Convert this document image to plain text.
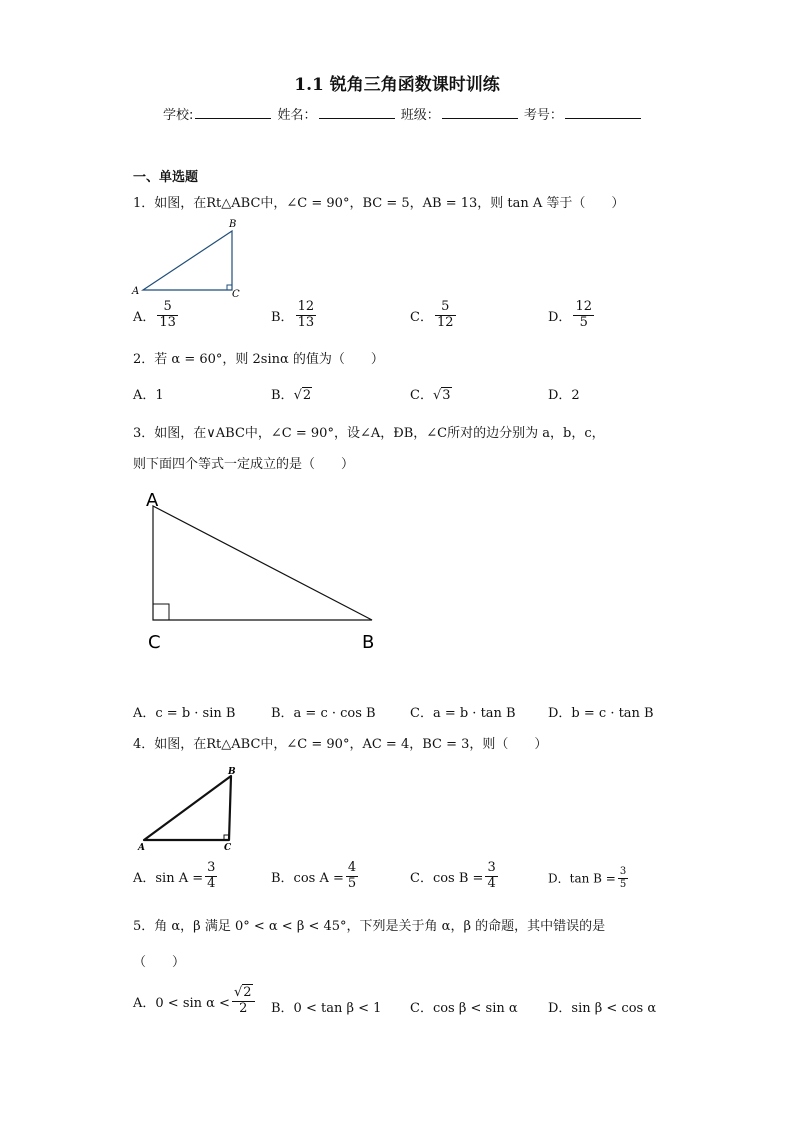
1.1 锐角三角函数课时训练
学校:	姓名：	班级：	考号：
一、单选题
1．如图，在Rt△ABC中，∠C = 90°，BC = 5，AB = 13，则 tan A 等于（　　）
A
B
C
A． $\frac{5}{13}$	B． $\frac{12}{13}$	C． $\frac{5}{12}$	D． $\frac{12}{5}$
2．若 α = 60°，则 2sinα 的值为（　　）
A．1	B．√2	C．√3	D．2
3．如图，在∨ABC中，∠C = 90°，设∠A，ÐB，∠C所对的边分别为 a，b，c，
则下面四个等式一定成立的是（　　）
A
C	B
A．c = b · sin B	B．a = c · cos B	C．a = b · tan B D．b = c · tan B
4．如图，在Rt△ABC中，∠C = 90°，AC = 4，BC = 3，则（　　）
A
B
C
A．$\sin A = \frac{3}{4}$	B．$\cos A = \frac{4}{5}$	C．$\cos B = \frac{3}{4}$	D．$\tan B = \frac{3}{5}$
5．角 α，β 满足 0° < α < β < 45°，下列是关于角 α，β 的命题，其中错误的是
（　　）
A．$0 < \sin \alpha < \frac{√2}{2}$ B．0 < tan β < 1 C．cos β < sin α D．sin β < cos α
